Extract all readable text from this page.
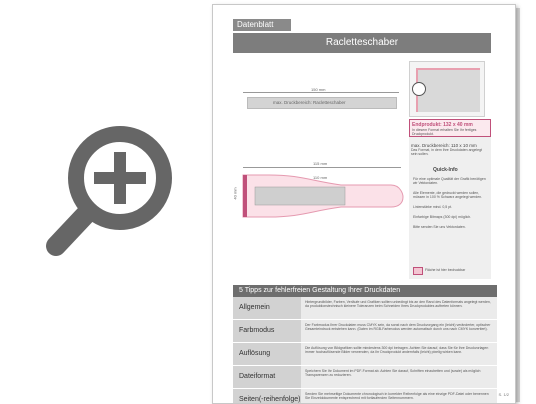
Datenblatt
Racletteschaber
150 mm
max. Druckbereich: Racletteschaber
115 mm
110 mm
40 mm
Endprodukt: 132 x 40 mm
In diesem Format erhalten Sie Ihr fertiges Druckprodukt.
max. Druckbereich: 110 x 10 mm
Das Format, in dem Ihre Druckdaten angelegt sein sollen.
Quick-Info
Für eine optimale Qualität der Grafik benötigen wir Vektordaten.
Alle Elemente, die gedruckt werden sollen, müssen in 100 % Schwarz angelegt werden.
Linienstärke mind. 0,5 pt.
Einfarbige Bitmaps (300 dpi) möglich.
Bitte senden Sie uns Vektordaten.
Fläche ist hier bedruckbar
5 Tipps zur fehlerfreien Gestaltung Ihrer Druckdaten
Allgemein
Hintergrundbilder, Farben, Verläufe und Grafiken sollten unbedingt bis an den Rand des Datenformats angelegt werden, da produktionstechnisch kleinere Toleranzen beim Schneiden Ihres Druckproduktes auftreten können.
Farbmodus
Der Farbmodus Ihrer Druckdaten muss CMYK sein, da sonst nach dem Druckvorgang ein (leicht) veränderter, optischer Gesamteindruck entstehen kann. (Daten im RGB-Farbmodus werden automatisch durch uns nach CMYK konvertiert).
Auflösung
Die Auflösung von Bildgrafiken sollte mindestens 300 dpi betragen. Achten Sie darauf, dass Sie für Ihre Druckvorlagen immer hochauflösende Bilder verwenden, da Ihr Druckprodukt andernfalls (leicht) pixelig wirken kann.
Dateiformat
Speichern Sie Ihr Dokument im PDF-Format ab. Achten Sie darauf, Schriften einzubetten und (sowie) als möglich Transparenzen zu reduzieren.
Seiten(-reihenfolge)
Senden Sie mehrseitige Dokumente chronologisch in korrekter Reihenfolge als eine einzige PDF-Datei oder benennen Sie Einzeldokumente entsprechend mit fortlaufenden Seitennummern.
S. 1/2
